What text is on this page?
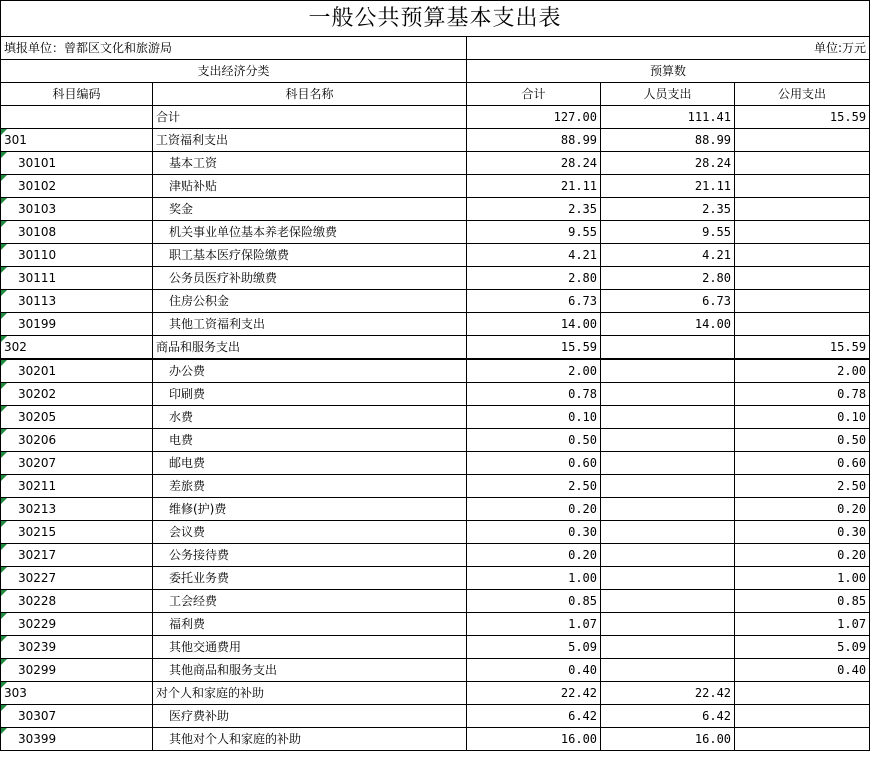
一般公共预算基本支出表
填报单位：曾都区文化和旅游局		单位:万元		
支出经济分类		预算数		
科目编码	科目名称	合计	人员支出	公用支出
	合计	127.00	111.41	15.59

301	工资福利支出	88.99	88.99	

30101	基本工资	28.24	28.24	

30102	津贴补贴	21.11	21.11	

30103	奖金	2.35	2.35	

30108	机关事业单位基本养老保险缴费	9.55	9.55	

30110	职工基本医疗保险缴费	4.21	4.21	

30111	公务员医疗补助缴费	2.80	2.80	

30113	住房公积金	6.73	6.73	

30199	其他工资福利支出	14.00	14.00	

302	商品和服务支出	15.59		15.59

30201	办公费	2.00		2.00

30202	印刷费	0.78		0.78

30205	水费	0.10		0.10

30206	电费	0.50		0.50

30207	邮电费	0.60		0.60

30211	差旅费	2.50		2.50

30213	维修(护)费	0.20		0.20

30215	会议费	0.30		0.30

30217	公务接待费	0.20		0.20

30227	委托业务费	1.00		1.00

30228	工会经费	0.85		0.85

30229	福利费	1.07		1.07

30239	其他交通费用	5.09		5.09

30299	其他商品和服务支出	0.40		0.40

303	对个人和家庭的补助	22.42	22.42	

30307	医疗费补助	6.42	6.42	

30399	其他对个人和家庭的补助	16.00	16.00	
